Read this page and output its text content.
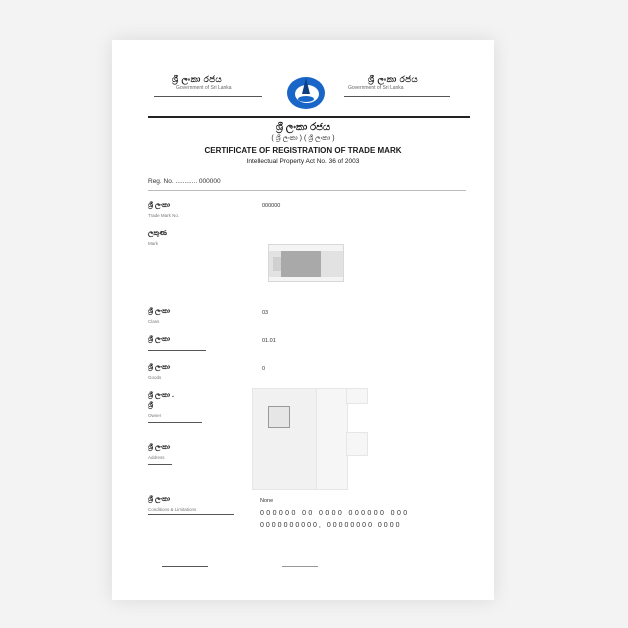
ශ්‍රී ලංකා රජය
Government of Sri Lanka
ශ්‍රී ලංකා රජය
Government of Sri Lanka
ශ්‍රී ලංකා රජය
( ශ්‍රී ලංකා ) ( ශ්‍රී ලංකා )
CERTIFICATE OF REGISTRATION OF TRADE MARK
Intellectual Property Act No. 36 of 2003
Reg. No. ............ 000000
ශ්‍රී ලංකා
Trade Mark No.
000000
ලකුණ
Mark
ශ්‍රී ලංකා
Class
03
ශ්‍රී ලංකා	01.01
ශ්‍රී ලංකා
Goods
0
ශ්‍රී ලංකා .
ශ්‍රී
Owner
ශ්‍රී ලංකා
Address
ශ්‍රී ලංකා
Conditions & Limitations
None
000000 00 0000 000000 000
0000000000, 00000000 0000
